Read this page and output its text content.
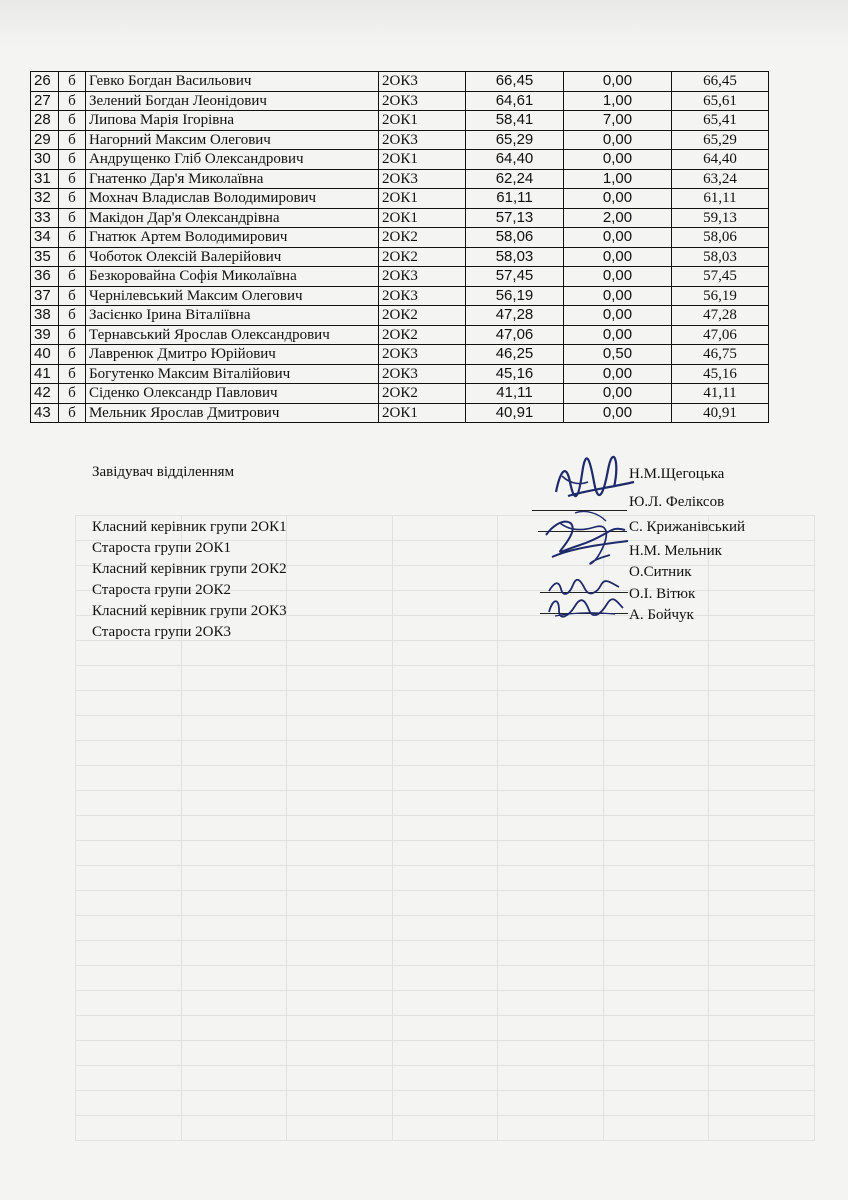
26	б	Гевко Богдан Васильович	2ОК3	66,45	0,00	66,45
27	б	Зелений Богдан Леонідович	2ОК3	64,61	1,00	65,61
28	б	Липова Марія Ігорівна	2ОК1	58,41	7,00	65,41
29	б	Нагорний Максим Олегович	2ОК3	65,29	0,00	65,29
30	б	Андрущенко Гліб Олександрович	2ОК1	64,40	0,00	64,40
31	б	Гнатенко Дар'я Миколаївна	2ОК3	62,24	1,00	63,24
32	б	Мохнач Владислав Володимирович	2ОК1	61,11	0,00	61,11
33	б	Макідон Дар'я Олександрівна	2ОК1	57,13	2,00	59,13
34	б	Гнатюк Артем Володимирович	2ОК2	58,06	0,00	58,06
35	б	Чоботок Олексій Валерійович	2ОК2	58,03	0,00	58,03
36	б	Безкоровайна Софія Миколаївна	2ОК3	57,45	0,00	57,45
37	б	Чернілевський Максим Олегович	2ОК3	56,19	0,00	56,19
38	б	Засієнко Ірина Віталіївна	2ОК2	47,28	0,00	47,28
39	б	Тернавський Ярослав Олександрович	2ОК2	47,06	0,00	47,06
40	б	Лавренюк Дмитро Юрійович	2ОК3	46,25	0,50	46,75
41	б	Богутенко Максим Віталійович	2ОК3	45,16	0,00	45,16
42	б	Сіденко Олександр Павлович	2ОК2	41,11	0,00	41,11
43	б	Мельник Ярослав Дмитрович	2ОК1	40,91	0,00	40,91
Завідувач відділенням
Класний керівник групи 2ОК1
Староста групи 2ОК1
Класний керівник групи 2ОК2
Староста групи 2ОК2
Класний керівник групи 2ОК3
Староста групи 2ОК3
Н.М.Щегоцька
Ю.Л. Феліксов
С. Крижанівський
Н.М. Мельник
О.Ситник
О.І. Вітюк
А. Бойчук
